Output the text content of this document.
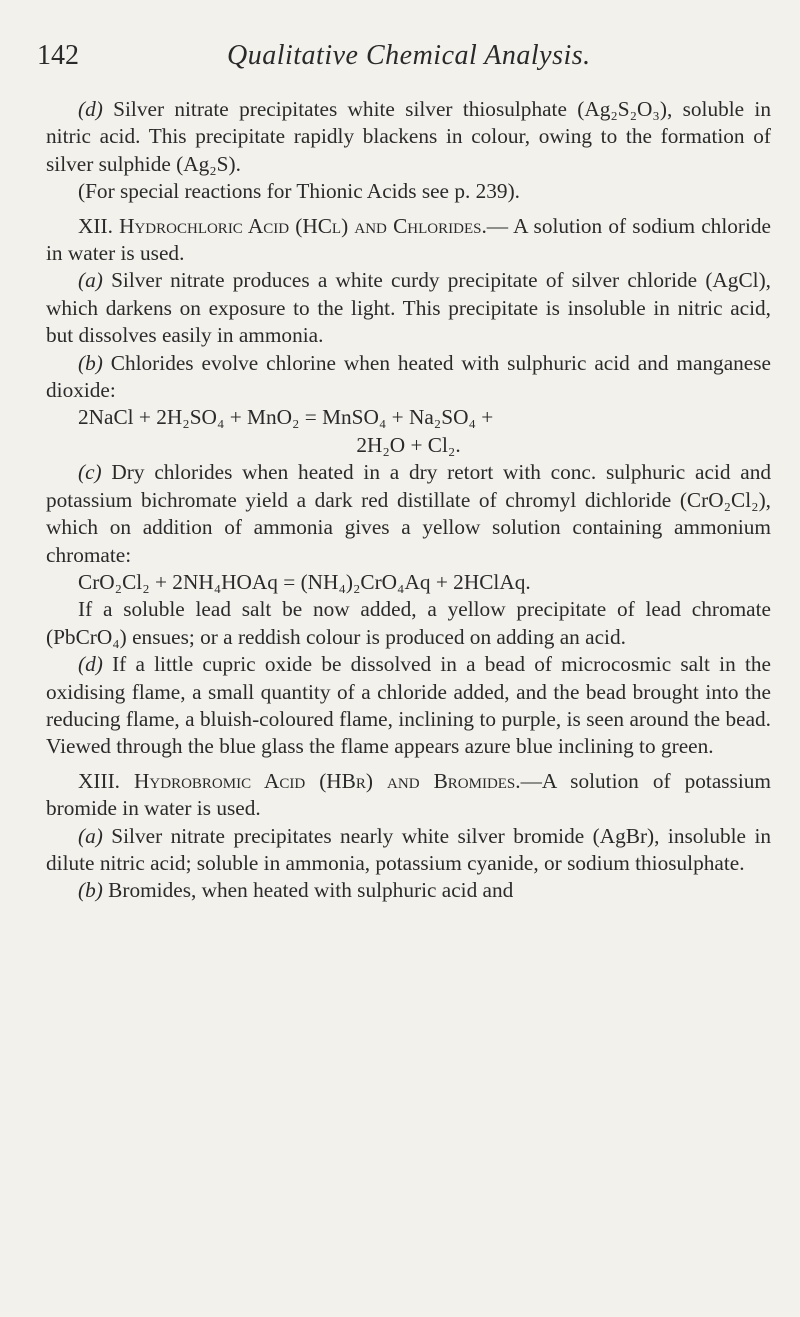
142	Qualitative Chemical Analysis.

(d) Silver nitrate precipitates white silver thiosulphate (Ag₂S₂O₃), soluble in nitric acid. This precipitate rapidly blackens in colour, owing to the formation of silver sulphide (Ag₂S).

(For special reactions for Thionic Acids see p. 239).

XII. Hydrochloric Acid (HCl) and Chlorides.— A solution of sodium chloride in water is used.

(a) Silver nitrate produces a white curdy precipitate of silver chloride (AgCl), which darkens on exposure to the light. This precipitate is insoluble in nitric acid, but dissolves easily in ammonia.

(b) Chlorides evolve chlorine when heated with sulphuric acid and manganese dioxide:

2NaCl + 2H₂SO₄ + MnO₂ = MnSO₄ + Na₂SO₄ +

2H₂O + Cl₂.

(c) Dry chlorides when heated in a dry retort with conc. sulphuric acid and potassium bichromate yield a dark red distillate of chromyl dichloride (CrO₂Cl₂), which on addition of ammonia gives a yellow solution containing ammonium chromate:

CrO₂Cl₂ + 2NH₄HOAq = (NH₄)₂CrO₄Aq + 2HClAq.

If a soluble lead salt be now added, a yellow precipitate of lead chromate (PbCrO₄) ensues; or a reddish colour is produced on adding an acid.

(d) If a little cupric oxide be dissolved in a bead of microcosmic salt in the oxidising flame, a small quantity of a chloride added, and the bead brought into the reducing flame, a bluish-coloured flame, inclining to purple, is seen around the bead. Viewed through the blue glass the flame appears azure blue inclining to green.

XIII. Hydrobromic Acid (HBr) and Bromides.—A solution of potassium bromide in water is used.

(a) Silver nitrate precipitates nearly white silver bromide (AgBr), insoluble in dilute nitric acid; soluble in ammonia, potassium cyanide, or sodium thiosulphate.

(b) Bromides, when heated with sulphuric acid and
